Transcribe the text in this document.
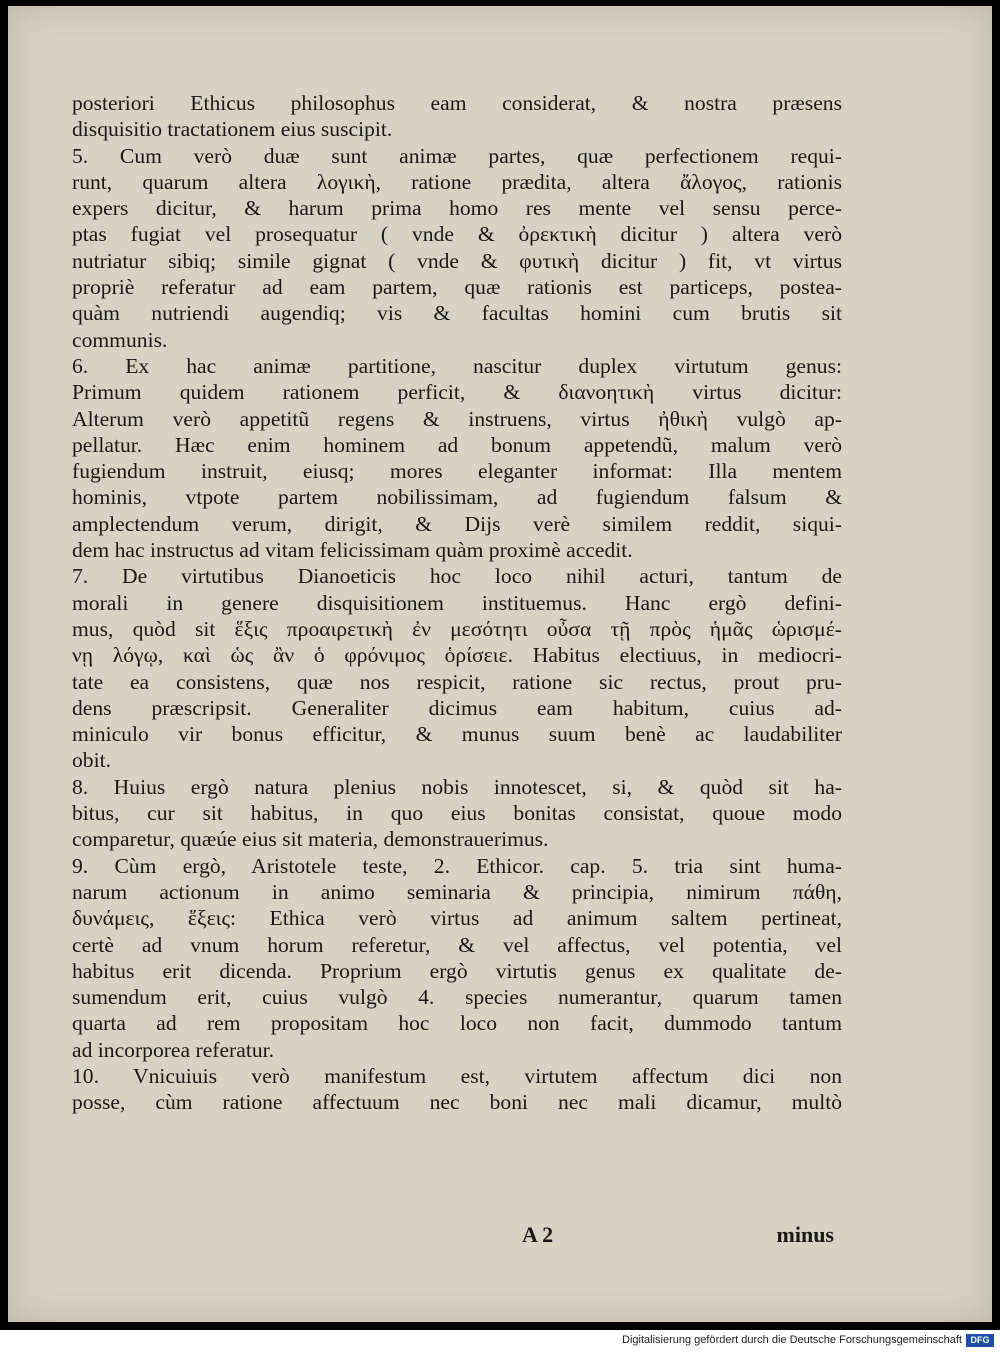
posteriori Ethicus philosophus eam considerat, & nostra præsens
disquisitio tractationem eius suscipit.
5. Cum verò duæ sunt animæ partes, quæ perfectionem requi-
runt, quarum altera λογικὴ, ratione prædita, altera ἄλογος, rationis
expers dicitur, & harum prima homo res mente vel sensu perce-
ptas fugiat vel prosequatur ( vnde & ὀρεκτικὴ dicitur ) altera verò
nutriatur sibiq; simile gignat ( vnde & φυτικὴ dicitur ) fit, vt virtus
propriè referatur ad eam partem, quæ rationis est particeps, postea-
quàm nutriendi augendiq; vis & facultas homini cum brutis sit
communis.
6. Ex hac animæ partitione, nascitur duplex virtutum genus:
Primum quidem rationem perficit, & διανοητικὴ virtus dicitur:
Alterum verò appetitũ regens & instruens, virtus ἠθικὴ vulgò ap-
pellatur. Hæc enim hominem ad bonum appetendũ, malum verò
fugiendum instruit, eiusq; mores eleganter informat: Illa mentem
hominis, vtpote partem nobilissimam, ad fugiendum falsum &
amplectendum verum, dirigit, & Dijs verè similem reddit, siqui-
dem hac instructus ad vitam felicissimam quàm proximè accedit.
7. De virtutibus Dianoeticis hoc loco nihil acturi, tantum de
morali in genere disquisitionem instituemus. Hanc ergò defini-
mus, quòd sit ἕξις προαιρετικὴ ἐν μεσότητι οὖσα τῇ πρὸς ἡμᾶς ὡρισμέ-
νῃ λόγῳ, καὶ ὡς ἂν ὁ φρόνιμος ὁρίσειε. Habitus electiuus, in mediocri-
tate ea consistens, quæ nos respicit, ratione sic rectus, prout pru-
dens præscripsit. Generaliter dicimus eam habitum, cuius ad-
miniculo vir bonus efficitur, & munus suum benè ac laudabiliter
obit.
8. Huius ergò natura plenius nobis innotescet, si, & quòd sit ha-
bitus, cur sit habitus, in quo eius bonitas consistat, quoue modo
comparetur, quæúe eius sit materia, demonstrauerimus.
9. Cùm ergò, Aristotele teste, 2. Ethicor. cap. 5. tria sint huma-
narum actionum in animo seminaria & principia, nimirum πάθη,
δυνάμεις, ἕξεις: Ethica verò virtus ad animum saltem pertineat,
certè ad vnum horum referetur, & vel affectus, vel potentia, vel
habitus erit dicenda. Proprium ergò virtutis genus ex qualitate de-
sumendum erit, cuius vulgò 4. species numerantur, quarum tamen
quarta ad rem propositam hoc loco non facit, dummodo tantum
ad incorporea referatur.
10. Vnicuiuis verò manifestum est, virtutem affectum dici non
posse, cùm ratione affectuum nec boni nec mali dicamur, multò
A 2	minus
Digitalisierung gefördert durch die Deutsche Forschungsgemeinschaft DFG
